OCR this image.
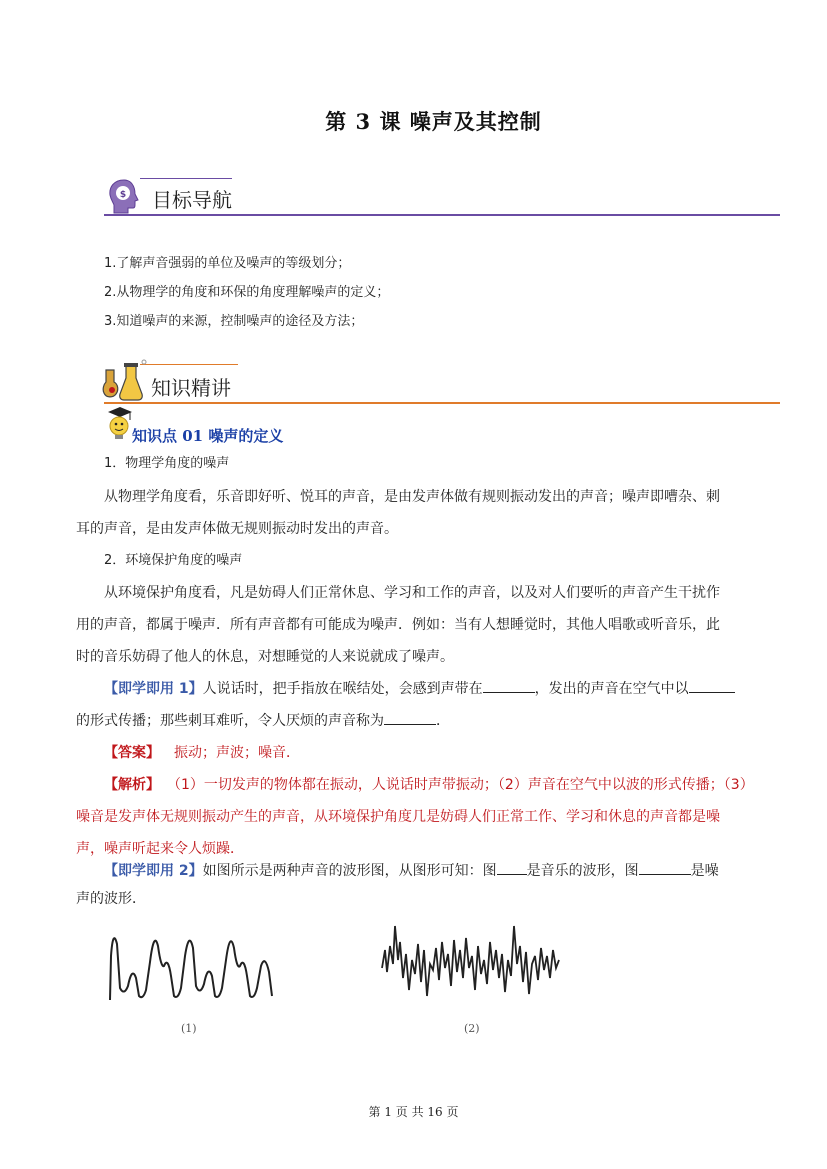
第 3 课 噪声及其控制
$ 目标导航
1.了解声音强弱的单位及噪声的等级划分；
2.从物理学的角度和环保的角度理解噪声的定义；
3.知道噪声的来源，控制噪声的途径及方法；
知识精讲
知识点 01 噪声的定义
1．物理学角度的噪声
从物理学角度看，乐音即好听、悦耳的声音，是由发声体做有规则振动发出的声音；噪声即嘈杂、刺
耳的声音，是由发声体做无规则振动时发出的声音。
2．环境保护角度的噪声
从环境保护角度看，凡是妨碍人们正常休息、学习和工作的声音，以及对人们要听的声音产生干扰作
用的声音，都属于噪声．所有声音都有可能成为噪声．例如：当有人想睡觉时，其他人唱歌或听音乐，此
时的音乐妨碍了他人的休息，对想睡觉的人来说就成了噪声。
【即学即用 1】人说话时，把手指放在喉结处，会感到声带在	，发出的声音在空气中以
的形式传播；那些刺耳难听，令人厌烦的声音称为	．
【答案】 振动；声波；噪音．
【解析】 （1）一切发声的物体都在振动，人说话时声带振动；（2）声音在空气中以波的形式传播；（3）
噪音是发声体无规则振动产生的声音，从环境保护角度几是妨碍人们正常工作、学习和休息的声音都是噪
声，噪声听起来令人烦躁．
【即学即用 2】如图所示是两种声音的波形图，从图形可知：图 是音乐的波形，图	是噪
声的波形．
(1)	(2)
第 1 页 共 16 页
